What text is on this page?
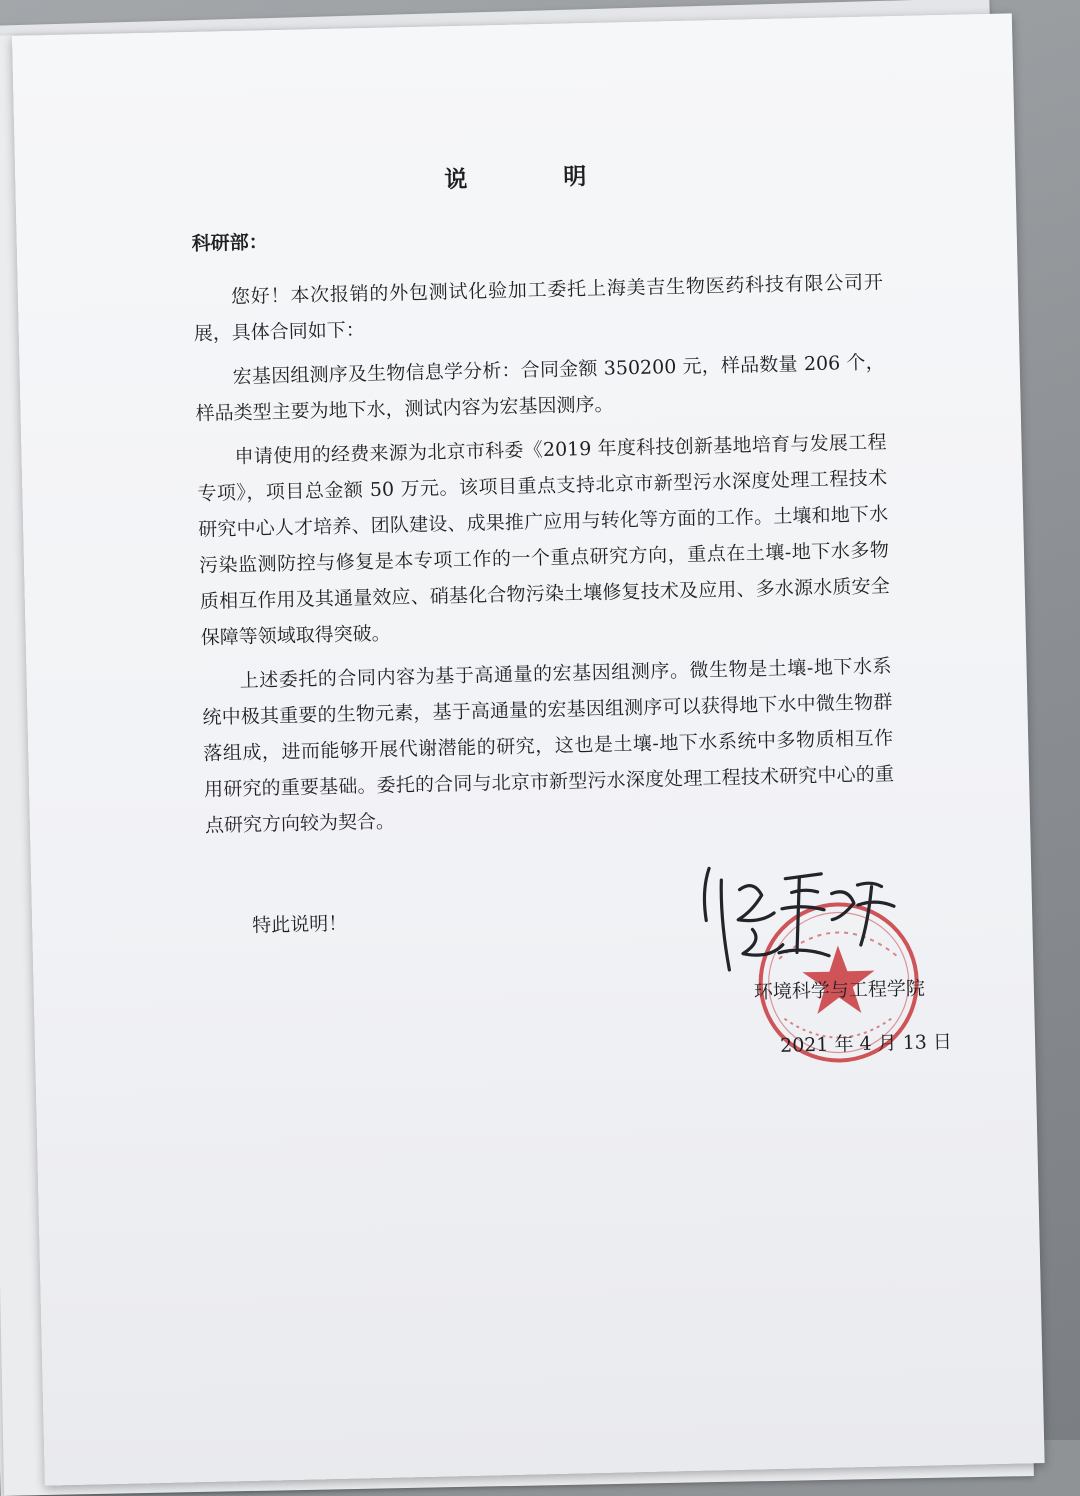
说 明
科研部：

您好！本次报销的外包测试化验加工委托上海美吉生物医药科技有限公司开展，具体合同如下：

宏基因组测序及生物信息学分析：合同金额 350200 元，样品数量 206 个，样品类型主要为地下水，测试内容为宏基因测序。

申请使用的经费来源为北京市科委《2019 年度科技创新基地培育与发展工程专项》，项目总金额 50 万元。该项目重点支持北京市新型污水深度处理工程技术研究中心人才培养、团队建设、成果推广应用与转化等方面的工作。土壤和地下水污染监测防控与修复是本专项工作的一个重点研究方向，重点在土壤-地下水多物质相互作用及其通量效应、硝基化合物污染土壤修复技术及应用、多水源水质安全保障等领域取得突破。

上述委托的合同内容为基于高通量的宏基因组测序。微生物是土壤-地下水系统中极其重要的生物元素，基于高通量的宏基因组测序可以获得地下水中微生物群落组成，进而能够开展代谢潜能的研究，这也是土壤-地下水系统中多物质相互作用研究的重要基础。委托的合同与北京市新型污水深度处理工程技术研究中心的重点研究方向较为契合。

特此说明！
环境科学与工程学院
2021 年 4 月 13 日
